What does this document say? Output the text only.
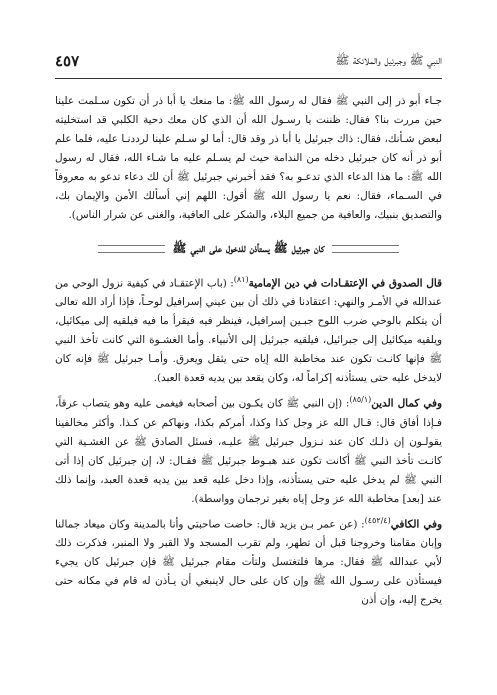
النبي ﷺ وجبرئيل والملائكة ﷺ
٤٥٧

جـاء أبو ذر إلى النبي ﷺ فقال له رسول الله ﷺ: ما منعك يا أبا ذر أن تكون سـلمت علينا حين مررت بنا؟ فقال: ظننت يا رسـول الله أن الذي كان معك دحية الكلبي قد استخليته لبعض شـأنك، فقال: ذاك جبرئيل يا أبا ذر وقد قال: أما لو سـلم علينا لرددنـا عليه، فلما علم أبو ذر أنه كان جبرئيل دخله من الندامة حيث لم يسـلم عليه ما شـاء الله، فقال له رسول الله ﷺ: ما هذا الدعاء الذي تدعـو به؟ فقد أخبرني جبرئيل ﷺ أن لك دعاء تدعو به معروفاً في السـماء، فقال: نعم يا رسول الله ﷺ أقول: اللهم إني أسألك الأمن والإيمان بك، والتصديق بنبيك، والعافية من جميع البلاء، والشكر على العافية، والغنى عن شرار الناس).

كان جبرئيل ﷺ يستأذن للدخول على النبي ﷺ

قال الصدوق في الإعتقـادات في دين الإمامية$^{(٨١)}$: (باب الإعتقـاد في كيفية نزول الوحي من عندالله في الأمـر والنهي: اعتقادنا في ذلك أن بين عيني إسرافيل لوحـاً، فإذا أراد الله تعالى أن يتكلم بالوحي ضرب اللوح جبـين إسرافيل، فينظر فيه فيقرأ ما فيه فيلقيه إلى ميكائيل، ويلقيه ميكائيل إلى جبرائيل، فيلقيه جبرئيل إلى الأنبياء. وأما الغشـوة التي كانت تأخذ النبي ﷺ فإنها كانـت تكون عند مخاطبة الله إياه حتى يثقل ويعرق. وأمـا جبرئيل ﷺ فإنه كان لايدخل عليه حتى يستأذنه إكراماً له، وكان يقعد بين يديه قعدة العبد).

وفي كمال الدين$^{(٨٥/١)}$: (إن النبي ﷺ كان يكـون بين أصحابه فيغمى عليه وهو يتصاب عرقاً، فـإذا أفاق قال: قـال الله عز وجل كذا وكذا، أمركم بكذا، ونهاكم عن كـذا. وأكثر مخالفينا يقولـون إن ذلـك كان عند نـزول جبرئيل ﷺ عليـه، فسئل الصادق ﷺ عن الغشـية التي كانـت تأخذ النبي ﷺ أكانت تكون عند هبـوط جبرئيل ﷺ فقـال: لا، إن جبرئيل كان إذا أتى النبي ﷺ لم يدخل عليه حتى يستأذنه، وإذا دخل عليه قعد بين يديه قعدة العبد، وإنما ذلك عند [بعد] مخاطبة الله عز وجل إياه بغير ترجمان وواسطة).

وفي الكافي$^{(٤٥٢/٤)}$: (عن عمر بـن يزيد قال: حاضت صاحبتي وأنا بالمدينة وكان ميعاد جمالنا وإبان مقامنا وخروجنا قبل أن تطهر، ولم تقرب المسجد ولا القبر ولا المنبر، فذكرت ذلك لأبي عبدالله ﷺ فقال: مرها فلتغتسل ولتأت مقام جبرئيل ﷺ فإن جبرئيل كان يجيء فيستأذن على رسـول الله ﷺ وإن كان على حال لاينبغي أن يـأذن له قام في مكانه حتى يخرج إليه، وإن أذن
